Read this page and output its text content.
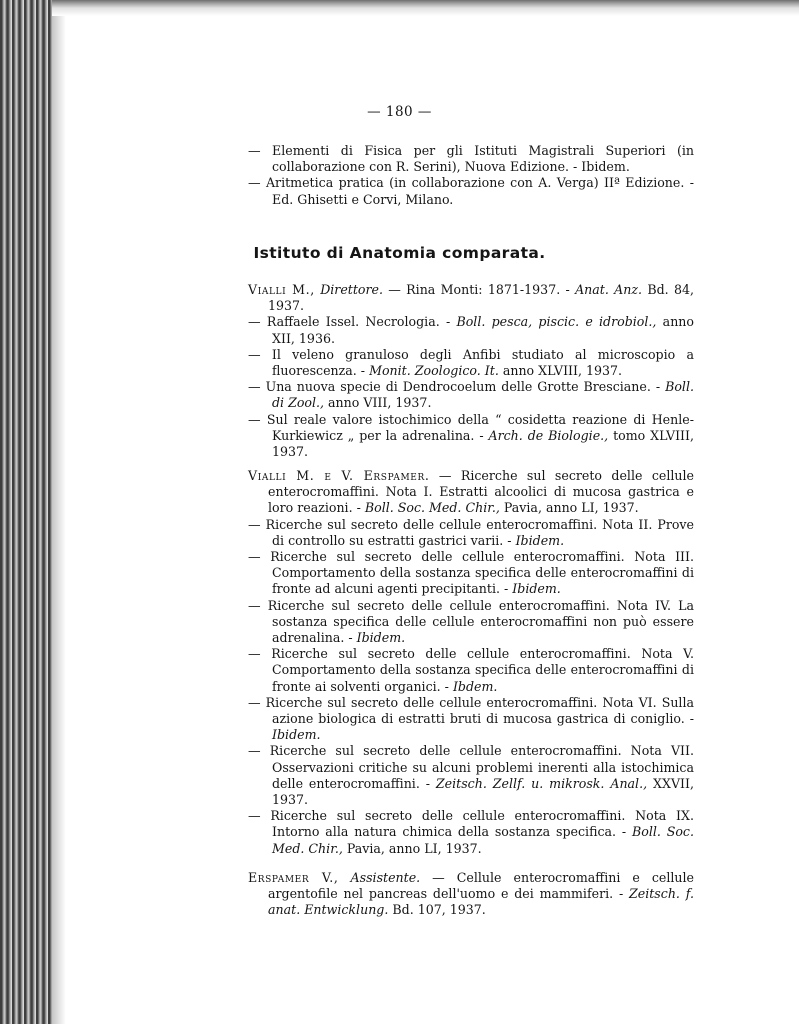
— 180 —

— Elementi di Fisica per gli Istituti Magistrali Superiori (in collaborazione con R. Serini), Nuova Edizione. - Ibidem.

— Aritmetica pratica (in collaborazione con A. Verga) IIª Edizione. - Ed. Ghisetti e Corvi, Milano.

Istituto di Anatomia comparata.

Vialli M., Direttore. — Rina Monti: 1871-1937. - Anat. Anz. Bd. 84, 1937.

— Raffaele Issel. Necrologia. - Boll. pesca, piscic. e idrobiol., anno XII, 1936.

— Il veleno granuloso degli Anfibi studiato al microscopio a fluorescenza. - Monit. Zoologico. It. anno XLVIII, 1937.

— Una nuova specie di Dendrocoelum delle Grotte Bresciane. - Boll. di Zool., anno VIII, 1937.

— Sul reale valore istochimico della “ cosidetta reazione di Henle-Kurkiewicz „ per la adrenalina. - Arch. de Biologie., tomo XLVIII, 1937.

Vialli M. e V. Erspamer. — Ricerche sul secreto delle cellule enterocromaffini. Nota I. Estratti alcoolici di mucosa gastrica e loro reazioni. - Boll. Soc. Med. Chir., Pavia, anno LI, 1937.

— Ricerche sul secreto delle cellule enterocromaffini. Nota II. Prove di controllo su estratti gastrici varii. - Ibidem.

— Ricerche sul secreto delle cellule enterocromaffini. Nota III. Comportamento della sostanza specifica delle enterocromaffini di fronte ad alcuni agenti precipitanti. - Ibidem.

— Ricerche sul secreto delle cellule enterocromaffini. Nota IV. La sostanza specifica delle cellule enterocromaffini non può essere adrenalina. - Ibidem.

— Ricerche sul secreto delle cellule enterocromaffini. Nota V. Comportamento della sostanza specifica delle enterocromaffini di fronte ai solventi organici. - Ibdem.

— Ricerche sul secreto delle cellule enterocromaffini. Nota VI. Sulla azione biologica di estratti bruti di mucosa gastrica di coniglio. - Ibidem.

— Ricerche sul secreto delle cellule enterocromaffini. Nota VII. Osservazioni critiche su alcuni problemi inerenti alla istochimica delle enterocromaffini. - Zeitsch. Zellf. u. mikrosk. Anal., XXVII, 1937.

— Ricerche sul secreto delle cellule enterocromaffini. Nota IX. Intorno alla natura chimica della sostanza specifica. - Boll. Soc. Med. Chir., Pavia, anno LI, 1937.

Erspamer V., Assistente. — Cellule enterocromaffini e cellule argentofile nel pancreas dell'uomo e dei mammiferi. - Zeitsch. f. anat. Entwicklung. Bd. 107, 1937.
